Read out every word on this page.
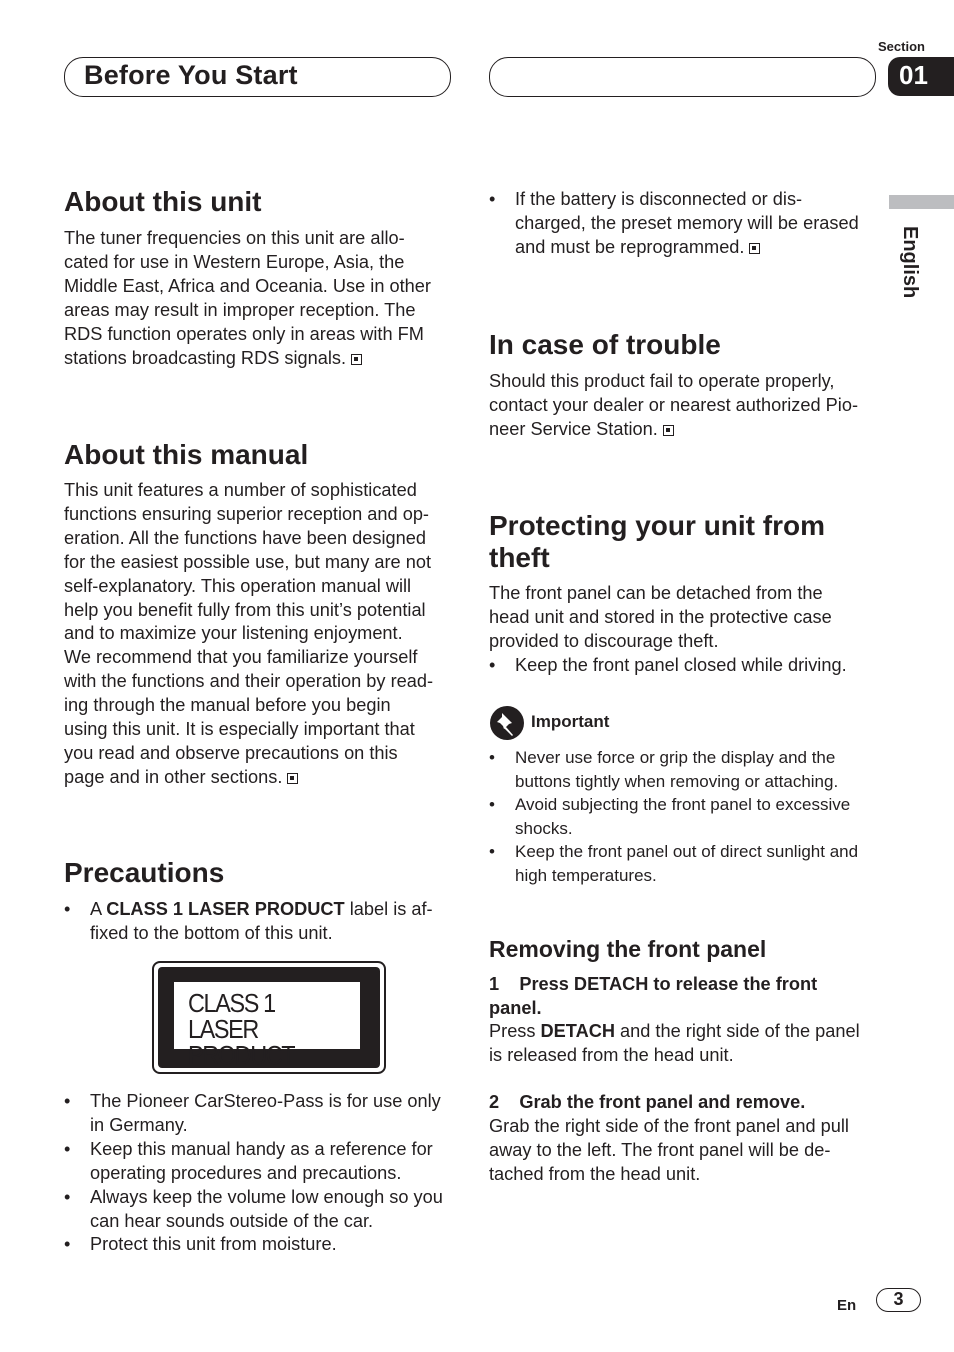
Before You Start
Section
01
English
About this unit
The tuner frequencies on this unit are allo-
cated for use in Western Europe, Asia, the
Middle East, Africa and Oceania. Use in other
areas may result in improper reception. The
RDS function operates only in areas with FM
stations broadcasting RDS signals.
About this manual
This unit features a number of sophisticated
functions ensuring superior reception and op-
eration. All the functions have been designed
for the easiest possible use, but many are not
self-explanatory. This operation manual will
help you benefit fully from this unit’s potential
and to maximize your listening enjoyment.
We recommend that you familiarize yourself
with the functions and their operation by read-
ing through the manual before you begin
using this unit. It is especially important that
you read and observe precautions on this
page and in other sections.
Precautions
• A CLASS 1 LASER PRODUCT label is af-
fixed to the bottom of this unit.
CLASS 1
LASER PRODUCT
• The Pioneer CarStereo-Pass is for use only
in Germany.
• Keep this manual handy as a reference for
operating procedures and precautions.
• Always keep the volume low enough so you
can hear sounds outside of the car.
• Protect this unit from moisture.
• If the battery is disconnected or dis-
charged, the preset memory will be erased
and must be reprogrammed.
In case of trouble
Should this product fail to operate properly,
contact your dealer or nearest authorized Pio-
neer Service Station.
Protecting your unit from
theft
The front panel can be detached from the
head unit and stored in the protective case
provided to discourage theft.
• Keep the front panel closed while driving.
Important
• Never use force or grip the display and the
buttons tightly when removing or attaching.
• Avoid subjecting the front panel to excessive
shocks.
• Keep the front panel out of direct sunlight and
high temperatures.
Removing the front panel
1    Press DETACH to release the front
panel.
Press DETACH and the right side of the panel
is released from the head unit.
2    Grab the front panel and remove.
Grab the right side of the front panel and pull
away to the left. The front panel will be de-
tached from the head unit.
En	3
